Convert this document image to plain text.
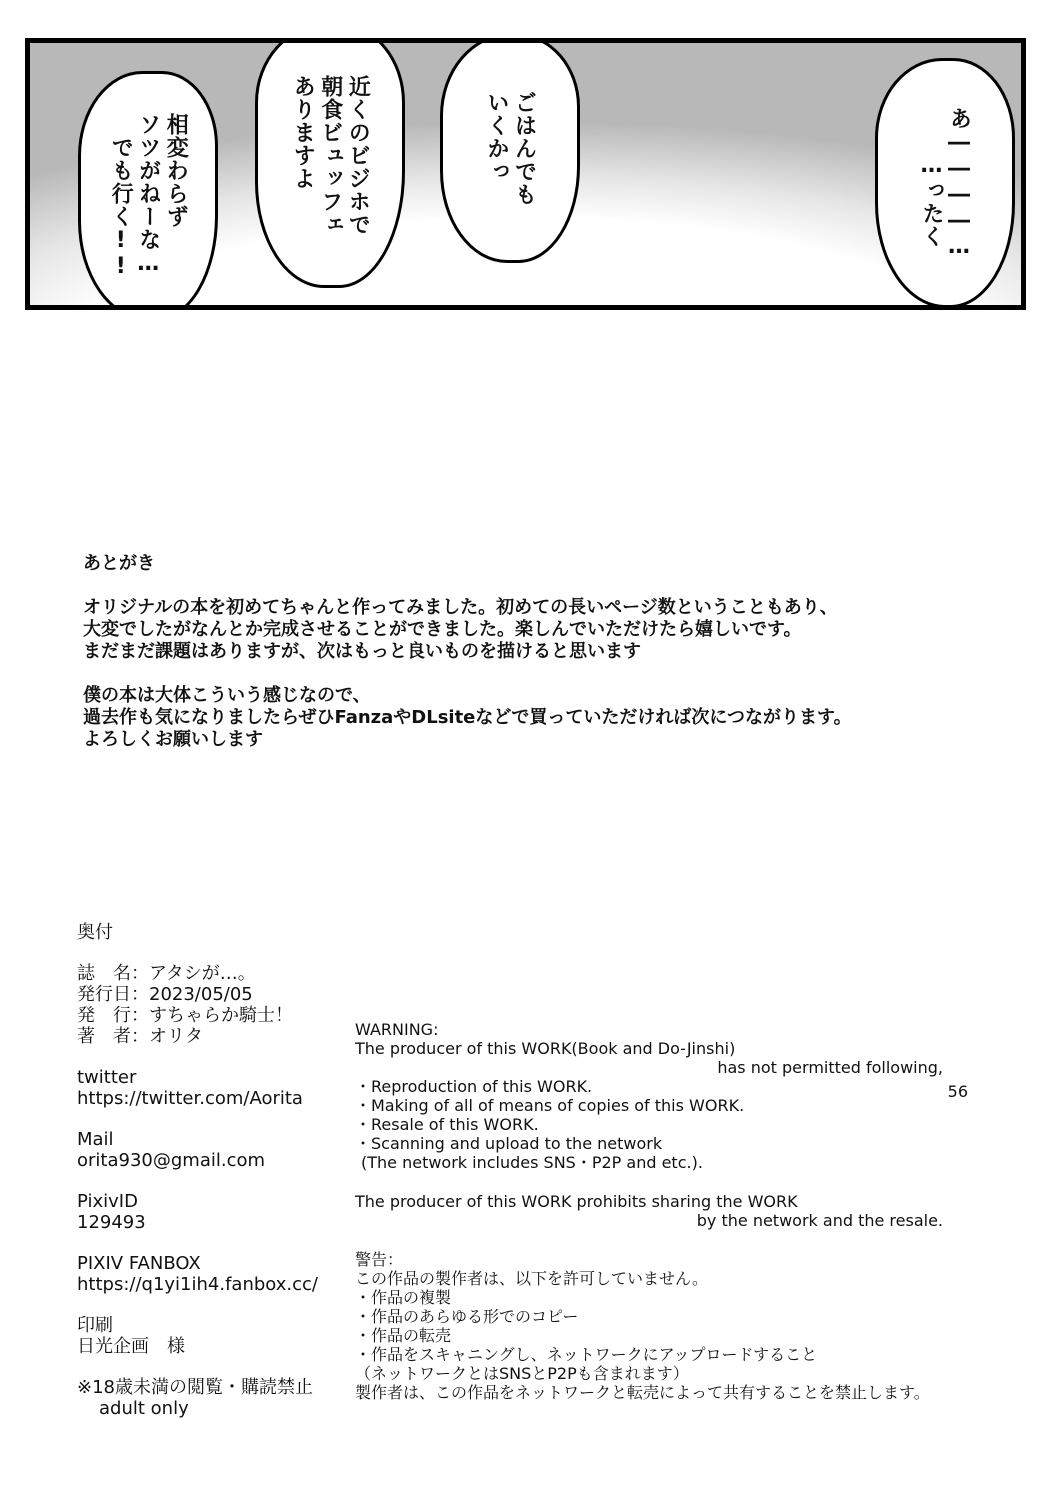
相変わらず
ソツがねーな…
　でも行く!!	近くのビジホで
朝食ビュッフェ
ありますよ	ごはんでも
いくかっ	あ――――…
　　…ったく

あとがき

オリジナルの本を初めてちゃんと作ってみました。初めての長いページ数ということもあり、

大変でしたがなんとか完成させることができました。楽しんでいただけたら嬉しいです。

まだまだ課題はありますが、次はもっと良いものを描けると思います

僕の本は大体こういう感じなので、

過去作も気になりましたらぜひFanzaやDLsiteなどで買っていただければ次につながります。

よろしくお願いします

奥付
誌　名：アタシが…。
発行日：2023/05/05
発　行：すちゃらか騎士！
著　者：オリタ
twitter
https://twitter.com/Aorita
Mail
orita930@gmail.com
PixivID
129493
PIXIV FANBOX
https://q1yi1ih4.fanbox.cc/
印刷
日光企画　様
※18歳未満の閲覧・購読禁止
adult only
WARNING:
The producer of this WORK(Book and Do-Jinshi)
has not permitted following,
・Reproduction of this WORK.
・Making of all of means of copies of this WORK.
・Resale of this WORK.
・Scanning and upload to the network
(The network includes SNS・P2P and etc.).
The producer of this WORK prohibits sharing the WORK
by the network and the resale.
警告：
この作品の製作者は、以下を許可していません。
・作品の複製
・作品のあらゆる形でのコピー
・作品の転売
・作品をスキャニングし、ネットワークにアップロードすること
（ネットワークとはSNSとP2Pも含まれます）
製作者は、この作品をネットワークと転売によって共有することを禁止します。
56
